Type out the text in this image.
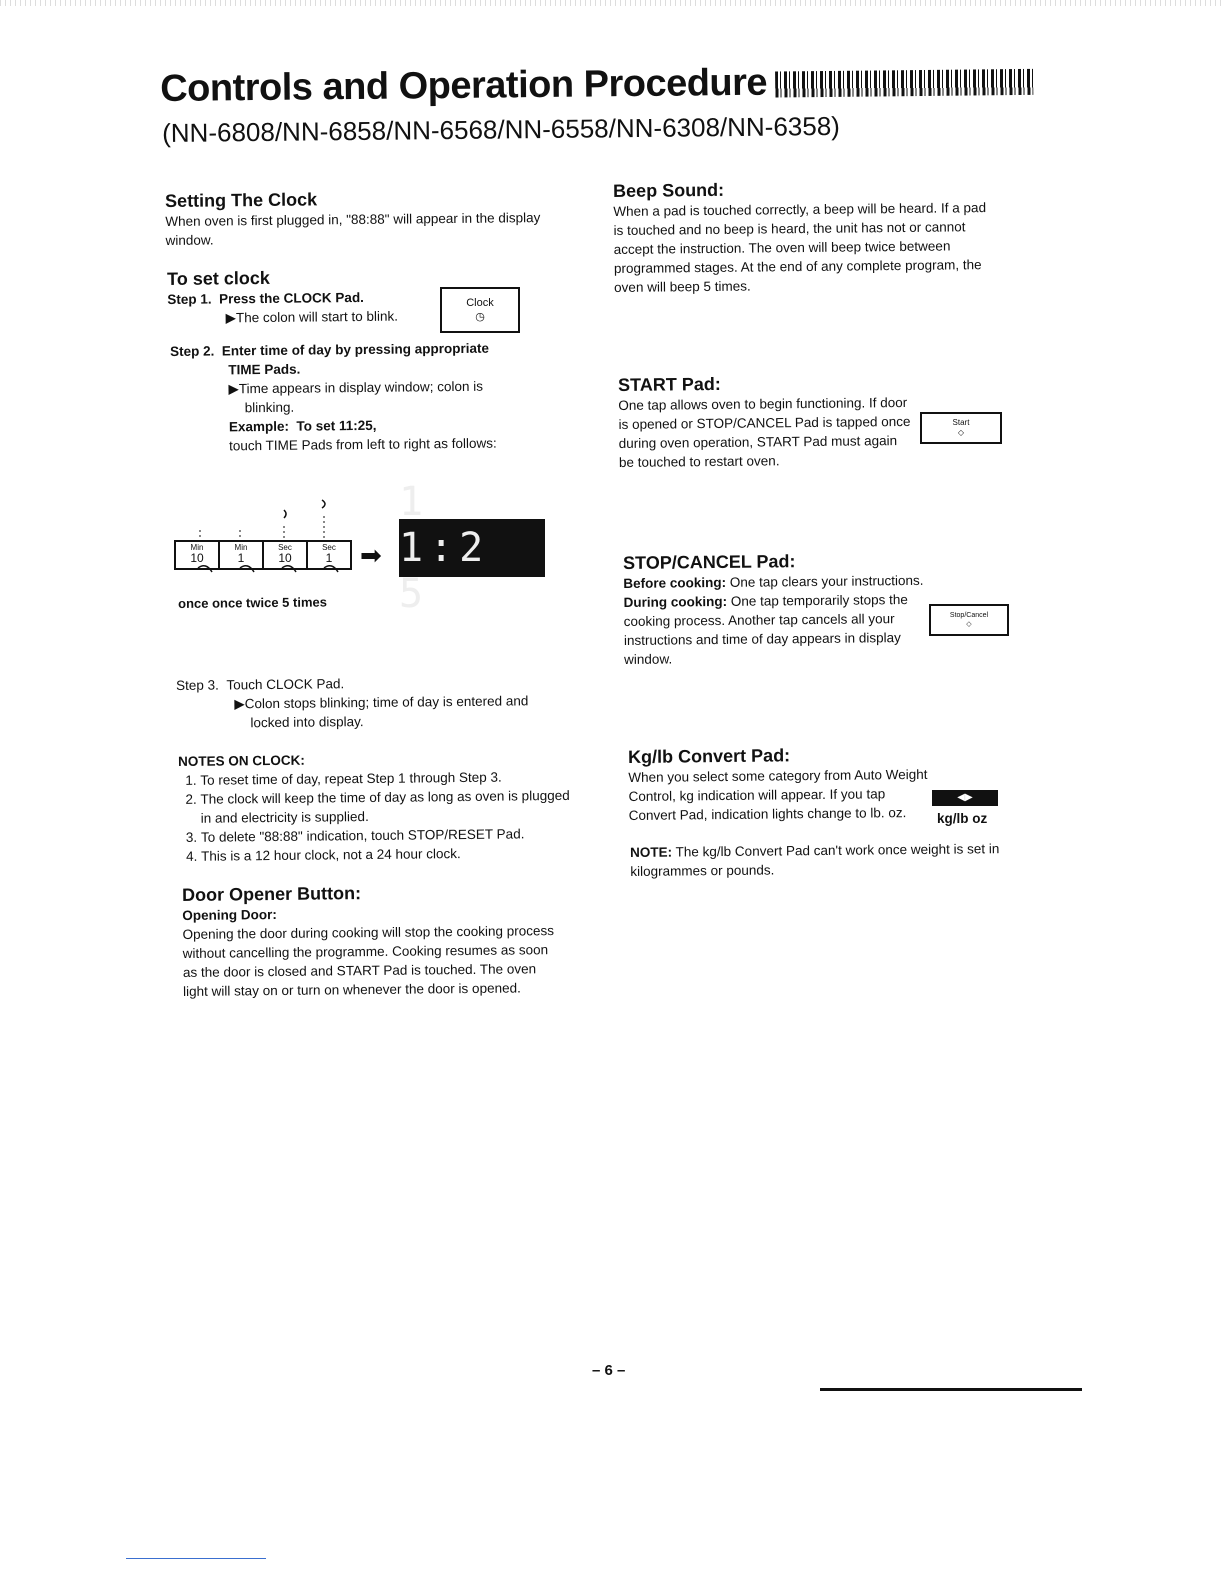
Controls and Operation Procedure
(NN-6808/NN-6858/NN-6568/NN-6558/NN-6308/NN-6358)

Setting The Clock

When oven is first plugged in, "88:88" will appear in the display window.

To set clock

Step 1. Press the CLOCK Pad.

▶The colon will start to blink.

Clock
◷

Step 2. Enter time of day by pressing appropriate

TIME Pads.

▶Time appears in display window; colon is

blinking.

Example: To set 11:25,

touch TIME Pads from left to right as follows:

Min
10
Min
1
Sec
10
Sec
1	➡
1 1:2 5
once once twice 5 times

Step 3. Touch CLOCK Pad.

▶Colon stops blinking; time of day is entered and

locked into display.

NOTES ON CLOCK:

1. To reset time of day, repeat Step 1 through Step 3.
2. The clock will keep the time of day as long as oven is plugged in and electricity is supplied.
3. To delete "88:88" indication, touch STOP/RESET Pad.
4. This is a 12 hour clock, not a 24 hour clock.

Door Opener Button:

Opening Door:

Opening the door during cooking will stop the cooking process without cancelling the programme. Cooking resumes as soon as the door is closed and START Pad is touched. The oven light will stay on or turn on whenever the door is opened.

Beep Sound:

When a pad is touched correctly, a beep will be heard. If a pad is touched and no beep is heard, the unit has not or cannot accept the instruction. The oven will beep twice between programmed stages. At the end of any complete program, the oven will beep 5 times.

START Pad:

One tap allows oven to begin functioning. If door is opened or STOP/CANCEL Pad is tapped once during oven operation, START Pad must again be touched to restart oven.

Start
◇

STOP/CANCEL Pad:

Before cooking: One tap clears your instructions.

During cooking: One tap temporarily stops the cooking process. Another tap cancels all your instructions and time of day appears in display window.

Stop/Cancel
◇

Kg/lb Convert Pad:

When you select some category from Auto Weight Control, kg indication will appear. If you tap Convert Pad, indication lights change to lb. oz.

◀▶
kg/lb oz

NOTE: The kg/lb Convert Pad can't work once weight is set in kilogrammes or pounds.

– 6 –
